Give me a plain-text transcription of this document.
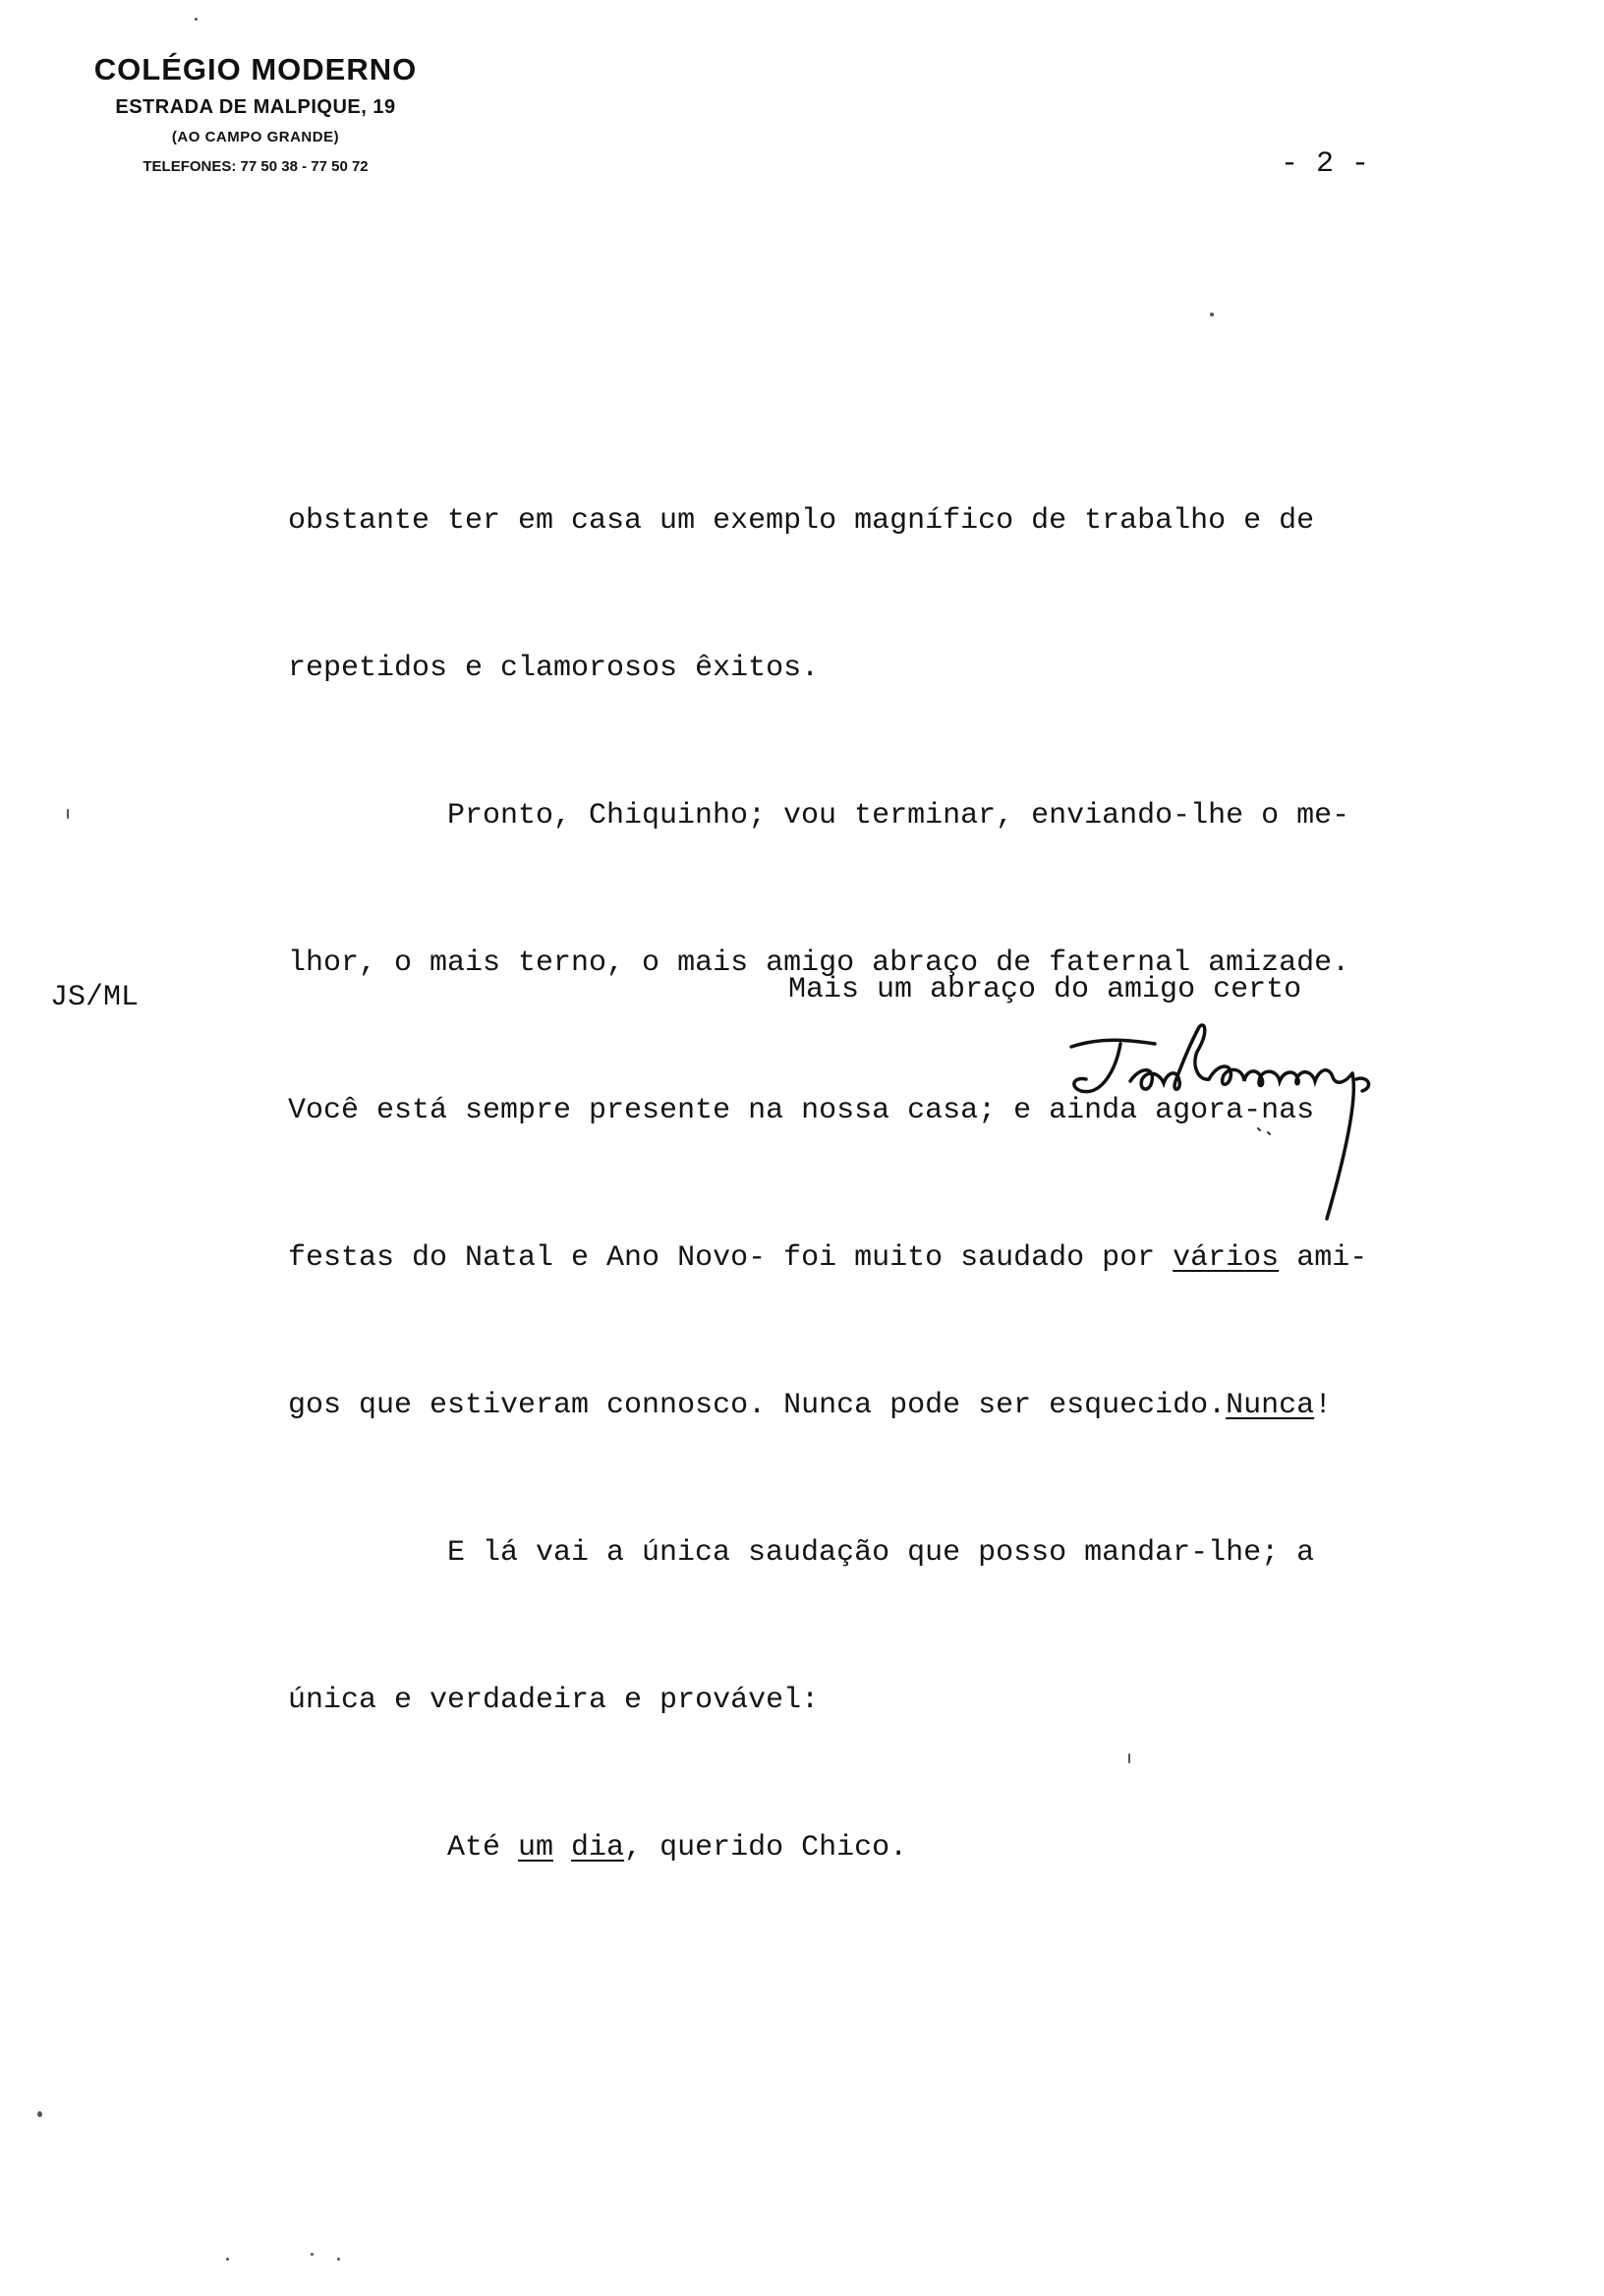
COLÉGIO MODERNO
ESTRADA DE MALPIQUE, 19
(AO CAMPO GRANDE)
TELEFONES: 77 50 38 - 77 50 72	- 2 -

obstante ter em casa um exemplo magnífico de trabalho e de

repetidos e clamorosos êxitos.

Pronto, Chiquinho; vou terminar, enviando-lhe o me-

lhor, o mais terno, o mais amigo abraço de faternal amizade.

Você está sempre presente na nossa casa; e ainda agora-nas

festas do Natal e Ano Novo- foi muito saudado por vários ami-

gos que estiveram connosco. Nunca pode ser esquecido.Nunca!

E lá vai a única saudação que posso mandar-lhe; a

única e verdadeira e provável:

Até um dia, querido Chico.

JS/ML	Mais um abraço do amigo certo
